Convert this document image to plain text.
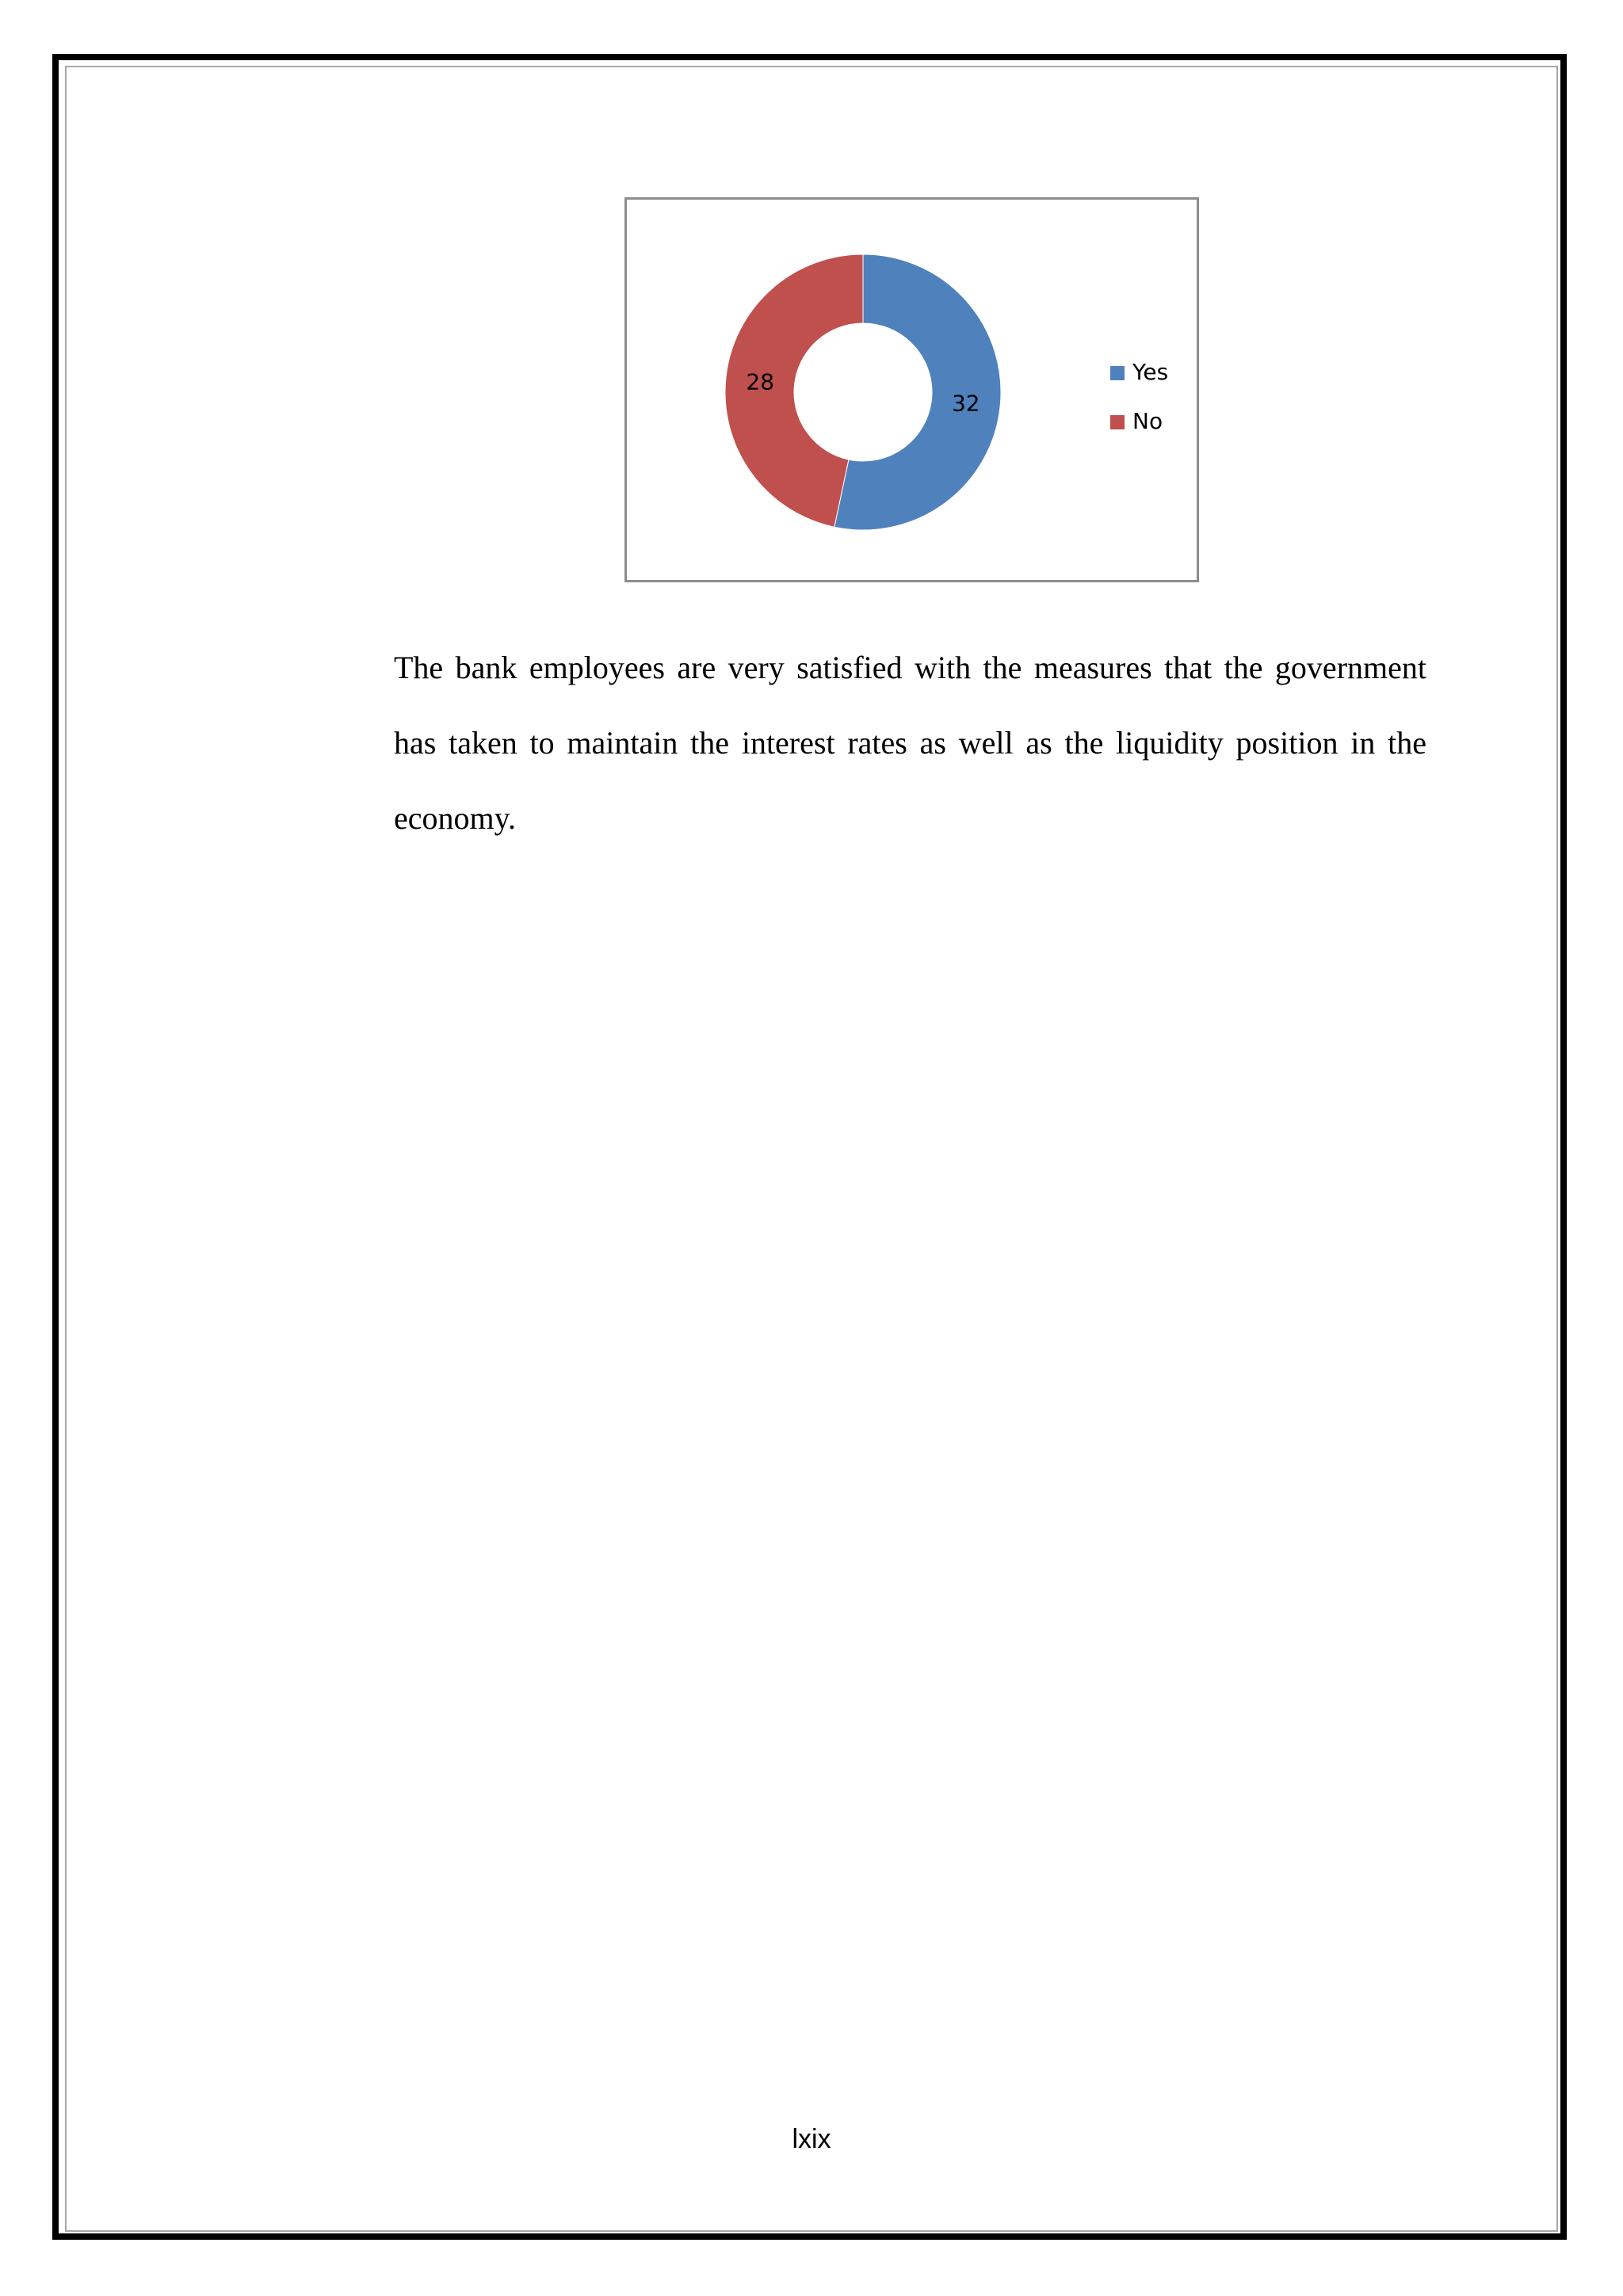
32
28	Yes
No

The bank employees are very satisfied with the measures that the government has taken to maintain the interest rates as well as the liquidity position in the economy.

lxix
